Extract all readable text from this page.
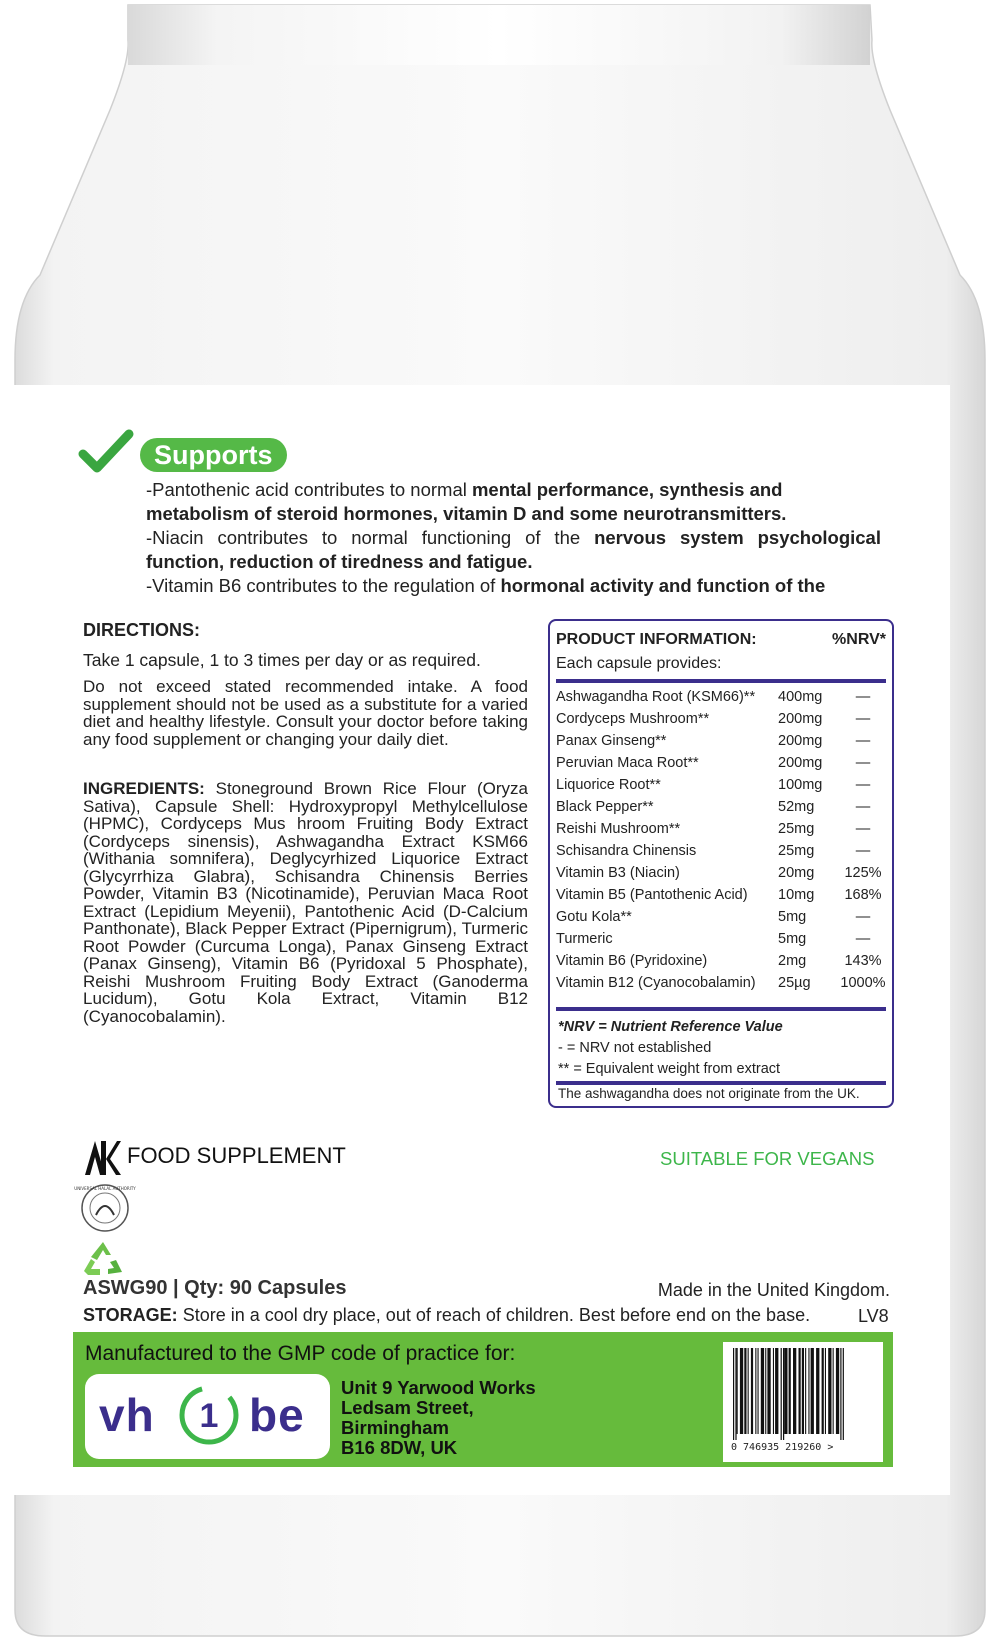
Supports
-Pantothenic acid contributes to normal mental performance, synthesis and metabolism of steroid hormones, vitamin D and some neurotransmitters.
-Niacin contributes to normal functioning of the nervous system psychological function, reduction of tiredness and fatigue.
-Vitamin B6 contributes to the regulation of hormonal activity and function of the
DIRECTIONS:
Take 1 capsule, 1 to 3 times per day or as required.
Do not exceed stated recommended intake. A food supplement should not be used as a substitute for a varied diet and healthy lifestyle. Consult your doctor before taking any food supplement or changing your daily diet.
INGREDIENTS: Stoneground Brown Rice Flour (Oryza Sativa), Capsule Shell: Hydroxypropyl Methylcellulose (HPMC), Cordyceps Mus hroom Fruiting Body Extract (Cordyceps sinensis), Ashwagandha Extract KSM66 (Withania somnifera), Deglycyrhized Liquorice Extract (Glycyrrhiza Glabra), Schisandra Chinensis Berries Powder, Vitamin B3 (Nicotinamide), Peruvian Maca Root Extract (Lepidium Meyenii), Pantothenic Acid (D-Calcium Panthonate), Black Pepper Extract (Pipernigrum), Turmeric Root Powder (Curcuma Longa), Panax Ginseng Extract (Panax Ginseng), Vitamin B6 (Pyridoxal 5 Phosphate), Reishi Mushroom Fruiting Body Extract (Ganoderma Lucidum), Gotu Kola Extract, Vitamin B12 (Cyanocobalamin).
PRODUCT INFORMATION:	%NRV*
Each capsule provides:
Ashwagandha Root (KSM66)** 400mg	—
Cordyceps Mushroom**	200mg	—
Panax Ginseng**	200mg	—
Peruvian Maca Root**	200mg	—
Liquorice Root**	100mg	—
Black Pepper**	52mg	—
Reishi Mushroom**	25mg	—
Schisandra Chinensis	25mg	—
Vitamin B3 (Niacin)	20mg	125%
Vitamin B5 (Pantothenic Acid) 10mg	168%
Gotu Kola**	5mg	—
Turmeric	5mg	—
Vitamin B6 (Pyridoxine)	2mg	143%
Vitamin B12 (Cyanocobalamin) 25µg 1000%
*NRV = Nutrient Reference Value
- = NRV not established
** = Equivalent weight from extract
The ashwagandha does not originate from the UK.
FOOD SUPPLEMENT	SUITABLE FOR VEGANS
UNIVERSAL HALAL AUTHORITY
ASWG90 | Qty: 90 Capsules	Made in the United Kingdom.
STORAGE: Store in a cool dry place, out of reach of children. Best before end on the base.	LV8
Manufactured to the GMP code of practice for:
1
vh be
Unit 9 Yarwood Works
Ledsam Street,
Birmingham
B16 8DW, UK	0 746935 219260 >
